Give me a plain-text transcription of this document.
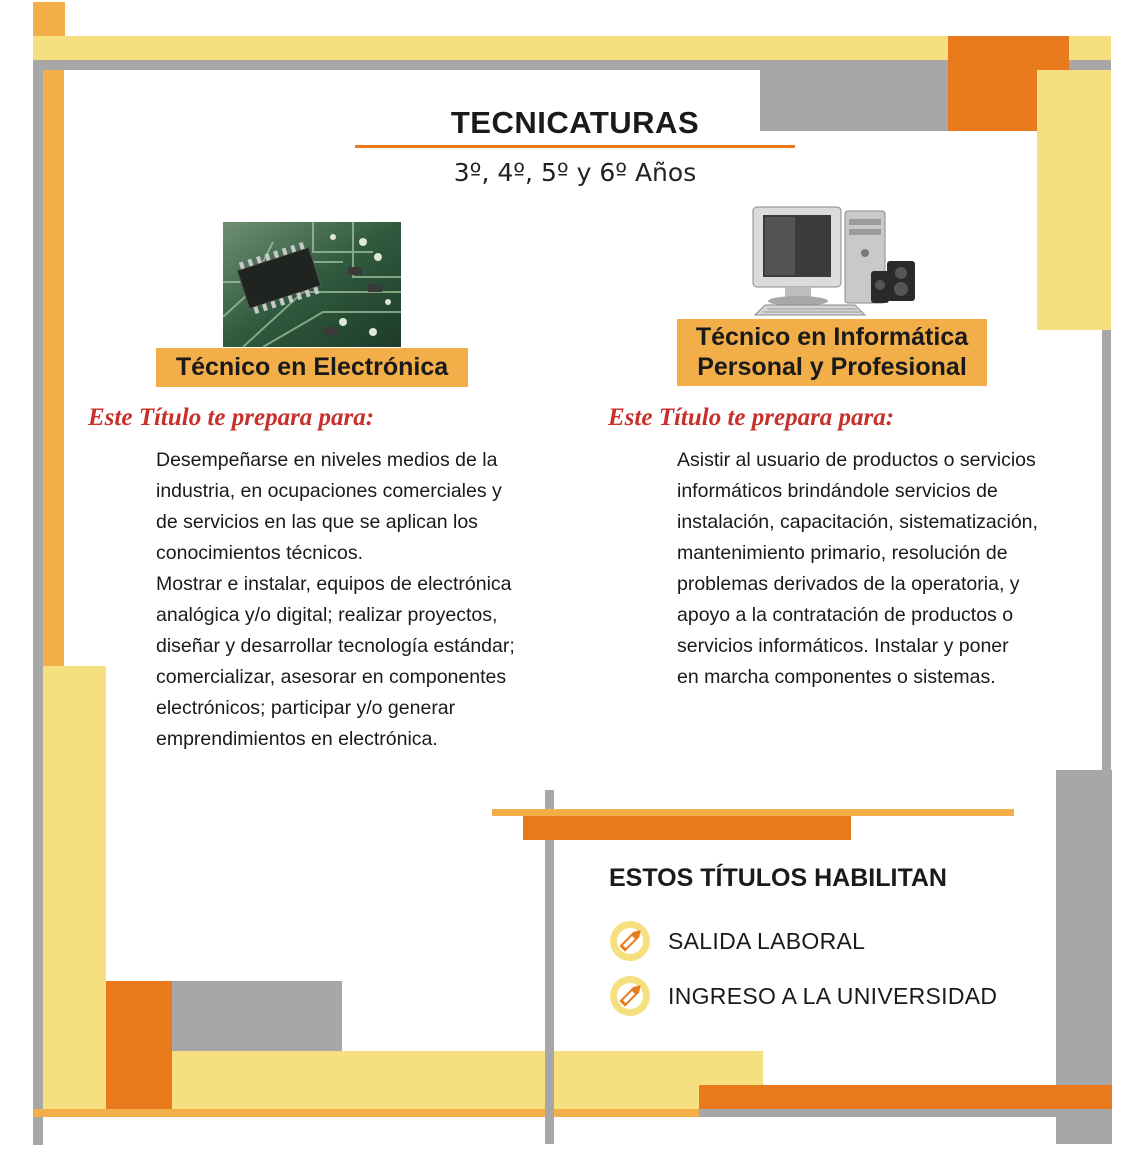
TECNICATURAS
3º, 4º, 5º y 6º Años
Técnico en Electrónica
Técnico en Informática
Personal y Profesional
Este Título te prepara para:	Este Título te prepara para:
Desempeñarse en niveles medios de la
industria, en ocupaciones comerciales y
de servicios en las que se aplican los
conocimientos técnicos.
Mostrar e instalar, equipos de electrónica
analógica y/o digital; realizar proyectos,
diseñar y desarrollar tecnología estándar;
comercializar, asesorar en componentes
electrónicos; participar y/o generar
emprendimientos en electrónica.
Asistir al usuario de productos o servicios
informáticos brindándole servicios de
instalación, capacitación, sistematización,
mantenimiento primario, resolución de
problemas derivados de la operatoria, y
apoyo a la contratación de productos o
servicios informáticos. Instalar y poner
en marcha componentes o sistemas.
ESTOS TÍTULOS HABILITAN
SALIDA LABORAL
INGRESO A LA UNIVERSIDAD
